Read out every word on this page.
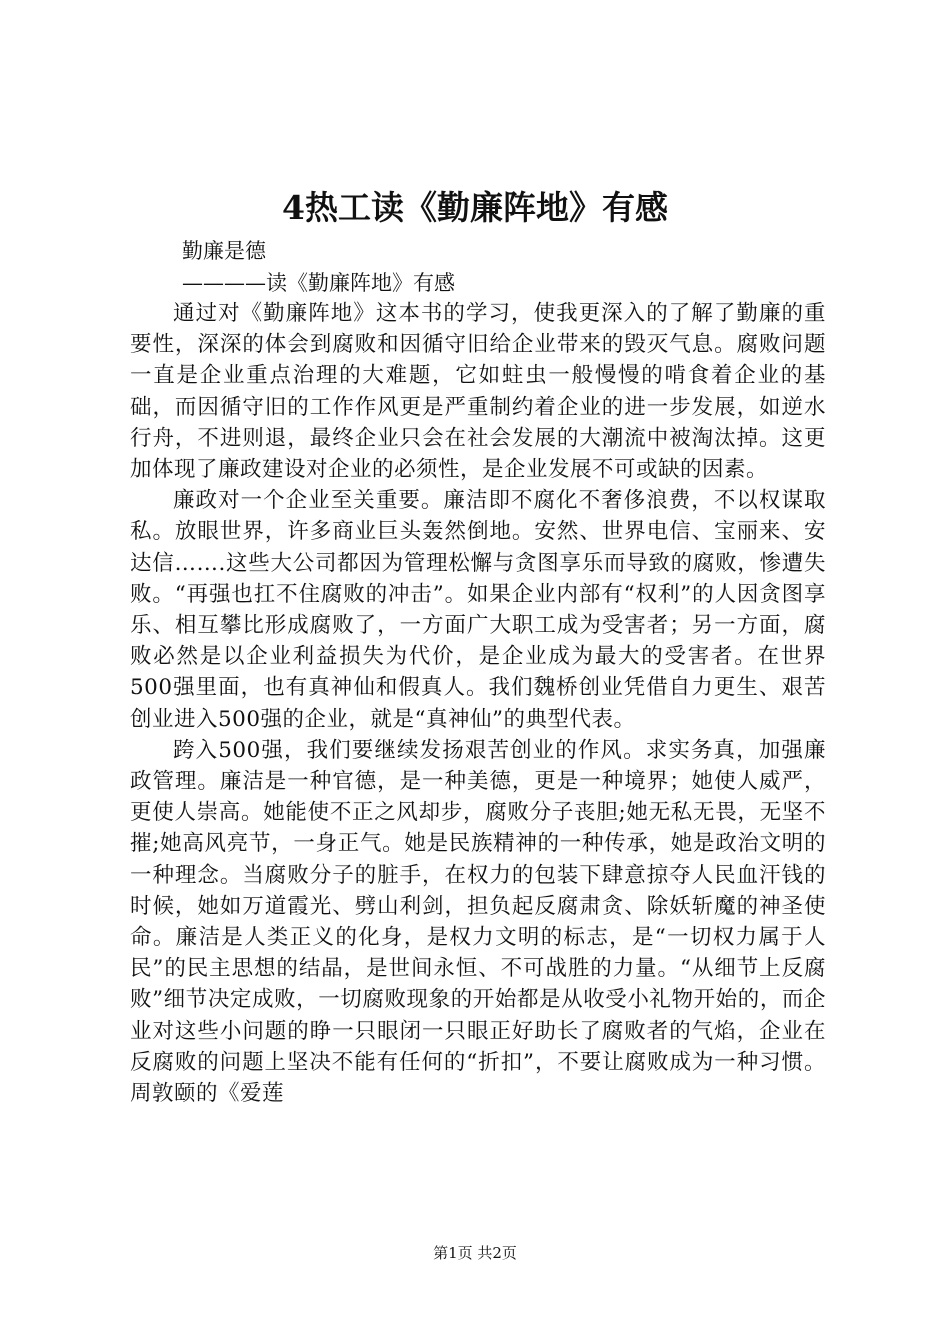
4热工读《勤廉阵地》有感
勤廉是德
————读《勤廉阵地》有感

通过对《勤廉阵地》这本书的学习，使我更深入的了解了勤廉的重要性，深深的体会到腐败和因循守旧给企业带来的毁灭气息。腐败问题一直是企业重点治理的大难题，它如蛀虫一般慢慢的啃食着企业的基础，而因循守旧的工作作风更是严重制约着企业的进一步发展，如逆水行舟，不进则退，最终企业只会在社会发展的大潮流中被淘汰掉。这更加体现了廉政建设对企业的必须性，是企业发展不可或缺的因素。

廉政对一个企业至关重要。廉洁即不腐化不奢侈浪费，不以权谋取私。放眼世界，许多商业巨头轰然倒地。安然、世界电信、宝丽来、安达信…….这些大公司都因为管理松懈与贪图享乐而导致的腐败，惨遭失败。“再强也扛不住腐败的冲击”。如果企业内部有“权利”的人因贪图享乐、相互攀比形成腐败了，一方面广大职工成为受害者；另一方面，腐败必然是以企业利益损失为代价，是企业成为最大的受害者。在世界500强里面，也有真神仙和假真人。我们魏桥创业凭借自力更生、艰苦创业进入500强的企业，就是“真神仙”的典型代表。

跨入500强，我们要继续发扬艰苦创业的作风。求实务真，加强廉政管理。廉洁是一种官德，是一种美德，更是一种境界；她使人威严，更使人崇高。她能使不正之风却步，腐败分子丧胆;她无私无畏，无坚不摧;她高风亮节，一身正气。她是民族精神的一种传承，她是政治文明的一种理念。当腐败分子的脏手，在权力的包装下肆意掠夺人民血汗钱的时候，她如万道霞光、劈山利剑，担负起反腐肃贪、除妖斩魔的神圣使命。廉洁是人类正义的化身，是权力文明的标志，是“一切权力属于人民”的民主思想的结晶，是世间永恒、不可战胜的力量。“从细节上反腐败”细节决定成败，一切腐败现象的开始都是从收受小礼物开始的，而企业对这些小问题的睁一只眼闭一只眼正好助长了腐败者的气焰，企业在反腐败的问题上坚决不能有任何的“折扣”，不要让腐败成为一种习惯。周敦颐的《爱莲

第1页 共2页
